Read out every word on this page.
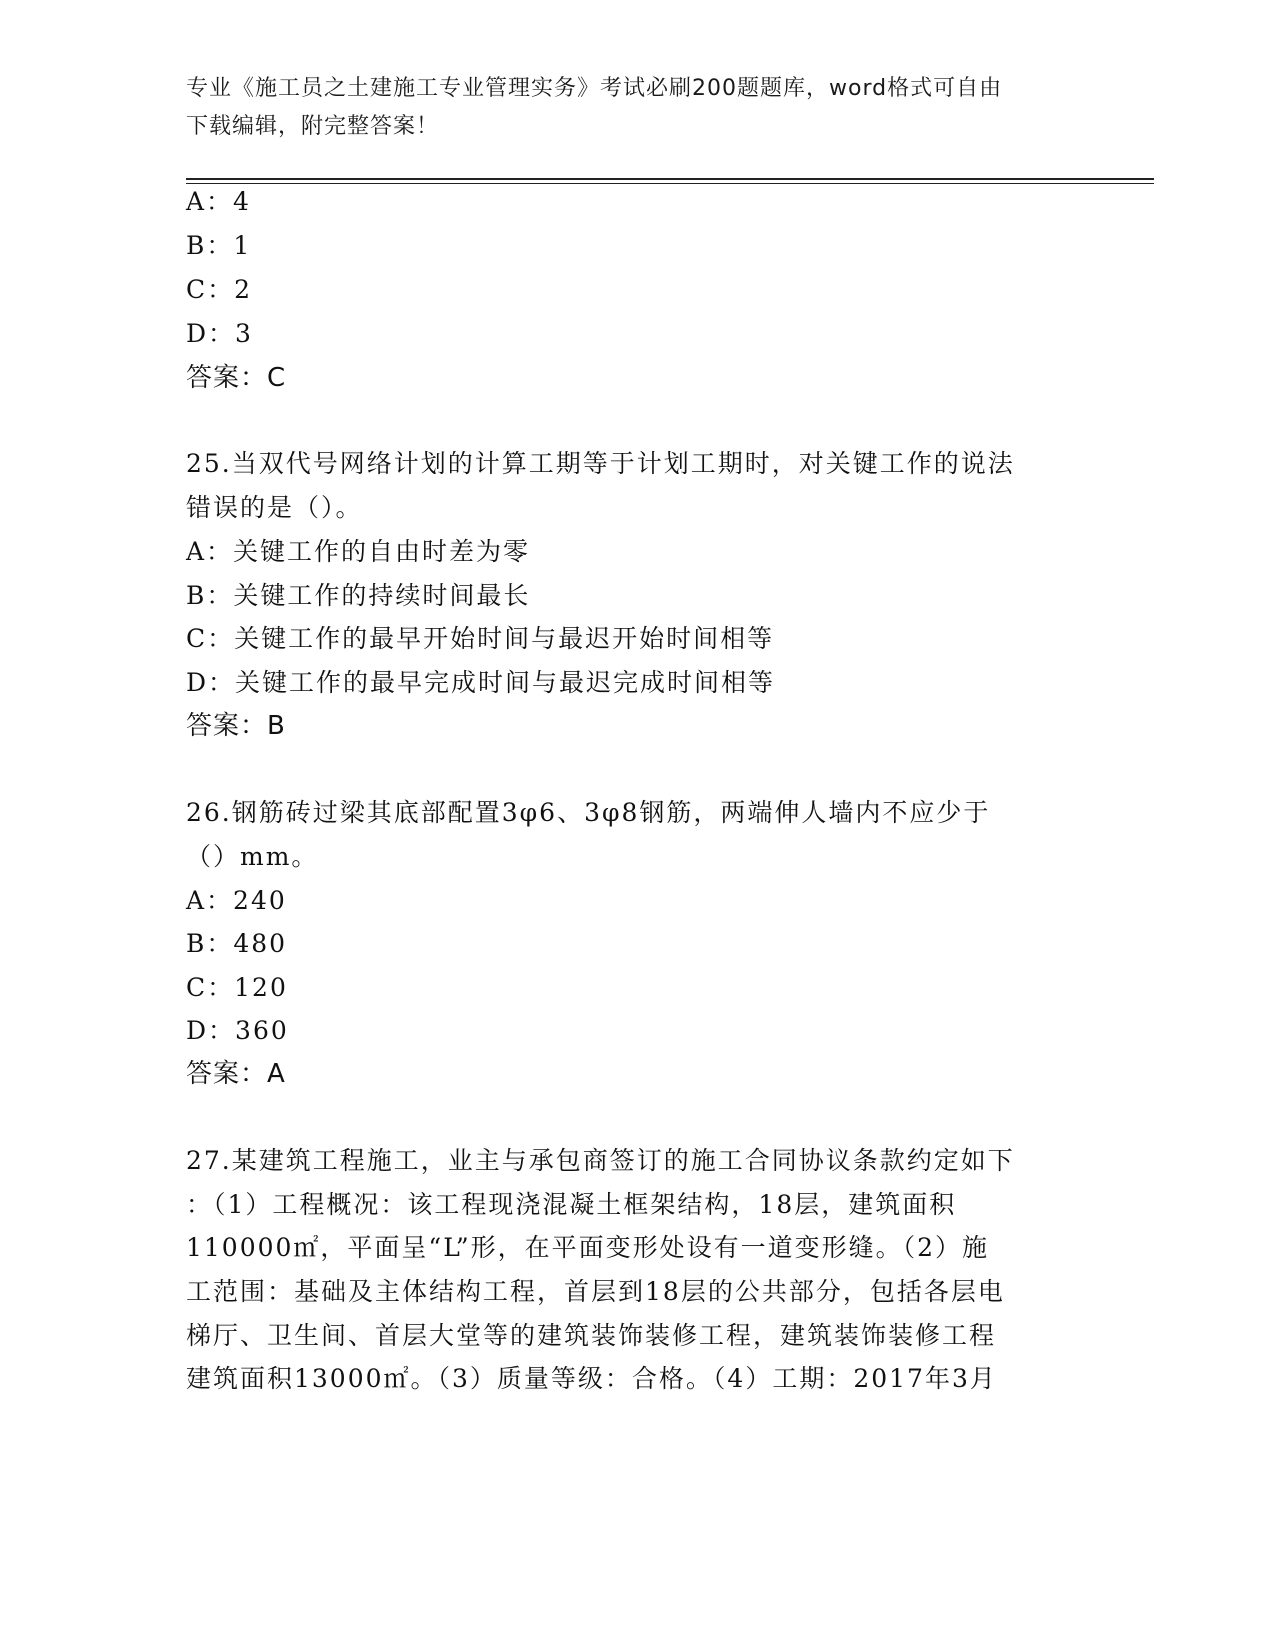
专业《施工员之土建施工专业管理实务》考试必刷200题题库，word格式可自由
下载编辑，附完整答案！
A：4
B：1
C：2
D：3
答案：C
25.当双代号网络计划的计算工期等于计划工期时，对关键工作的说法
错误的是（）。
A：关键工作的自由时差为零
B：关键工作的持续时间最长
C：关键工作的最早开始时间与最迟开始时间相等
D：关键工作的最早完成时间与最迟完成时间相等
答案：B
26.钢筋砖过梁其底部配置3φ6、3φ8钢筋，两端伸人墙内不应少于
（）mm。
A：240
B：480
C：120
D：360
答案：A
27.某建筑工程施工，业主与承包商签订的施工合同协议条款约定如下
：（1）工程概况：该工程现浇混凝土框架结构，18层，建筑面积
110000㎡，平面呈“L”形，在平面变形处设有一道变形缝。（2）施
工范围：基础及主体结构工程，首层到18层的公共部分，包括各层电
梯厅、卫生间、首层大堂等的建筑装饰装修工程，建筑装饰装修工程
建筑面积13000㎡。（3）质量等级：合格。（4）工期：2017年3月
